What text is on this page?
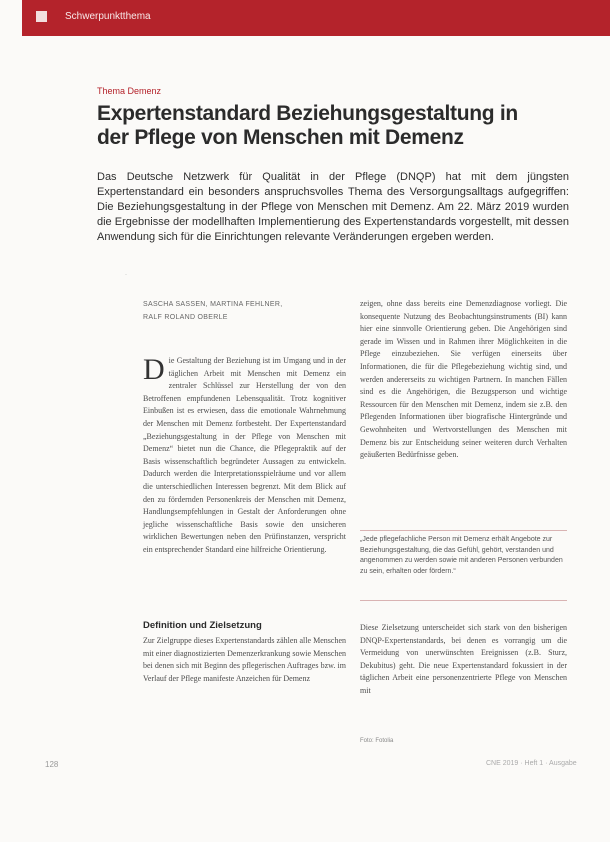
Schwerpunktthema
Thema Demenz
Expertenstandard Beziehungsgestaltung in der Pflege von Menschen mit Demenz

Das Deutsche Netzwerk für Qualität in der Pflege (DNQP) hat mit dem jüngsten Expertenstandard ein besonders anspruchsvolles Thema des Versorgungsalltags aufgegriffen: Die Beziehungsgestaltung in der Pflege von Menschen mit Demenz. Am 22. März 2019 wurden die Ergebnisse der modellhaften Implementierung des Expertenstandards vorgestellt, mit dessen Anwendung sich für die Einrichtungen relevante Veränderungen ergeben werden.

·
SASCHA SASSEN, MARTINA FEHLNER,
RALF ROLAND OBERLE

Die Gestaltung der Beziehung ist im Umgang und in der täglichen Arbeit mit Menschen mit Demenz ein zentraler Schlüssel zur Herstellung der von den Betroffenen empfundenen Lebensqualität. Trotz kognitiver Einbußen ist es erwiesen, dass die emotionale Wahrnehmung der Menschen mit Demenz fortbesteht. Der Expertenstandard „Beziehungsgestaltung in der Pflege von Menschen mit Demenz“ bietet nun die Chance, die Pflegepraktik auf der Basis wissenschaftlich begründeter Aussagen zu entwickeln. Dadurch werden die Interpretationsspielräume und vor allem die unterschiedlichen Interessen begrenzt. Mit dem Blick auf den zu fördernden Personenkreis der Menschen mit Demenz, Handlungsempfehlungen in Gestalt der Anforderungen ohne jegliche wissenschaftliche Basis sowie den unsicheren wirklichen Bewertungen neben den Prüfinstanzen, verspricht ein entsprechender Standard eine hilfreiche Orientierung.

Definition und Zielsetzung

Zur Zielgruppe dieses Expertenstandards zählen alle Menschen mit einer diagnostizierten Demenzerkrankung sowie Menschen bei denen sich mit Beginn des pflegerischen Auftrages bzw. im Verlauf der Pflege manifeste Anzeichen für Demenz

zeigen, ohne dass bereits eine Demenzdiagnose vorliegt. Die konsequente Nutzung des Beobachtungsinstruments (BI) kann hier eine sinnvolle Orientierung geben. Die Angehörigen sind gerade im Wissen und in Rahmen ihrer Möglichkeiten in die Pflege einzubeziehen. Sie verfügen einerseits über Informationen, die für die Pflegebeziehung wichtig sind, und werden andererseits zu wichtigen Partnern. In manchen Fällen sind es die Angehörigen, die Bezugsperson und wichtige Ressourcen für den Menschen mit Demenz, indem sie z.B. den Pflegenden Informationen über biografische Hintergründe und Gewohnheiten und Wertvorstellungen des Menschen mit Demenz bis zur Entscheidung seiner weiteren durch Verhalten geäußerten Bedürfnisse geben.

„Jede pflegefachliche Person mit Demenz erhält Angebote zur Beziehungsgestaltung, die das Gefühl, gehört, verstanden und angenommen zu werden sowie mit anderen Personen verbunden zu sein, erhalten oder fördern.“

Diese Zielsetzung unterscheidet sich stark von den bisherigen DNQP-Expertenstandards, bei denen es vorrangig um die Vermeidung von unerwünschten Ereignissen (z.B. Sturz, Dekubitus) geht. Die neue Expertenstandard fokussiert in der täglichen Arbeit eine personenzentrierte Pflege von Menschen mit

Foto: Fotolia
128	CNE 2019 · Heft 1 · Ausgabe
